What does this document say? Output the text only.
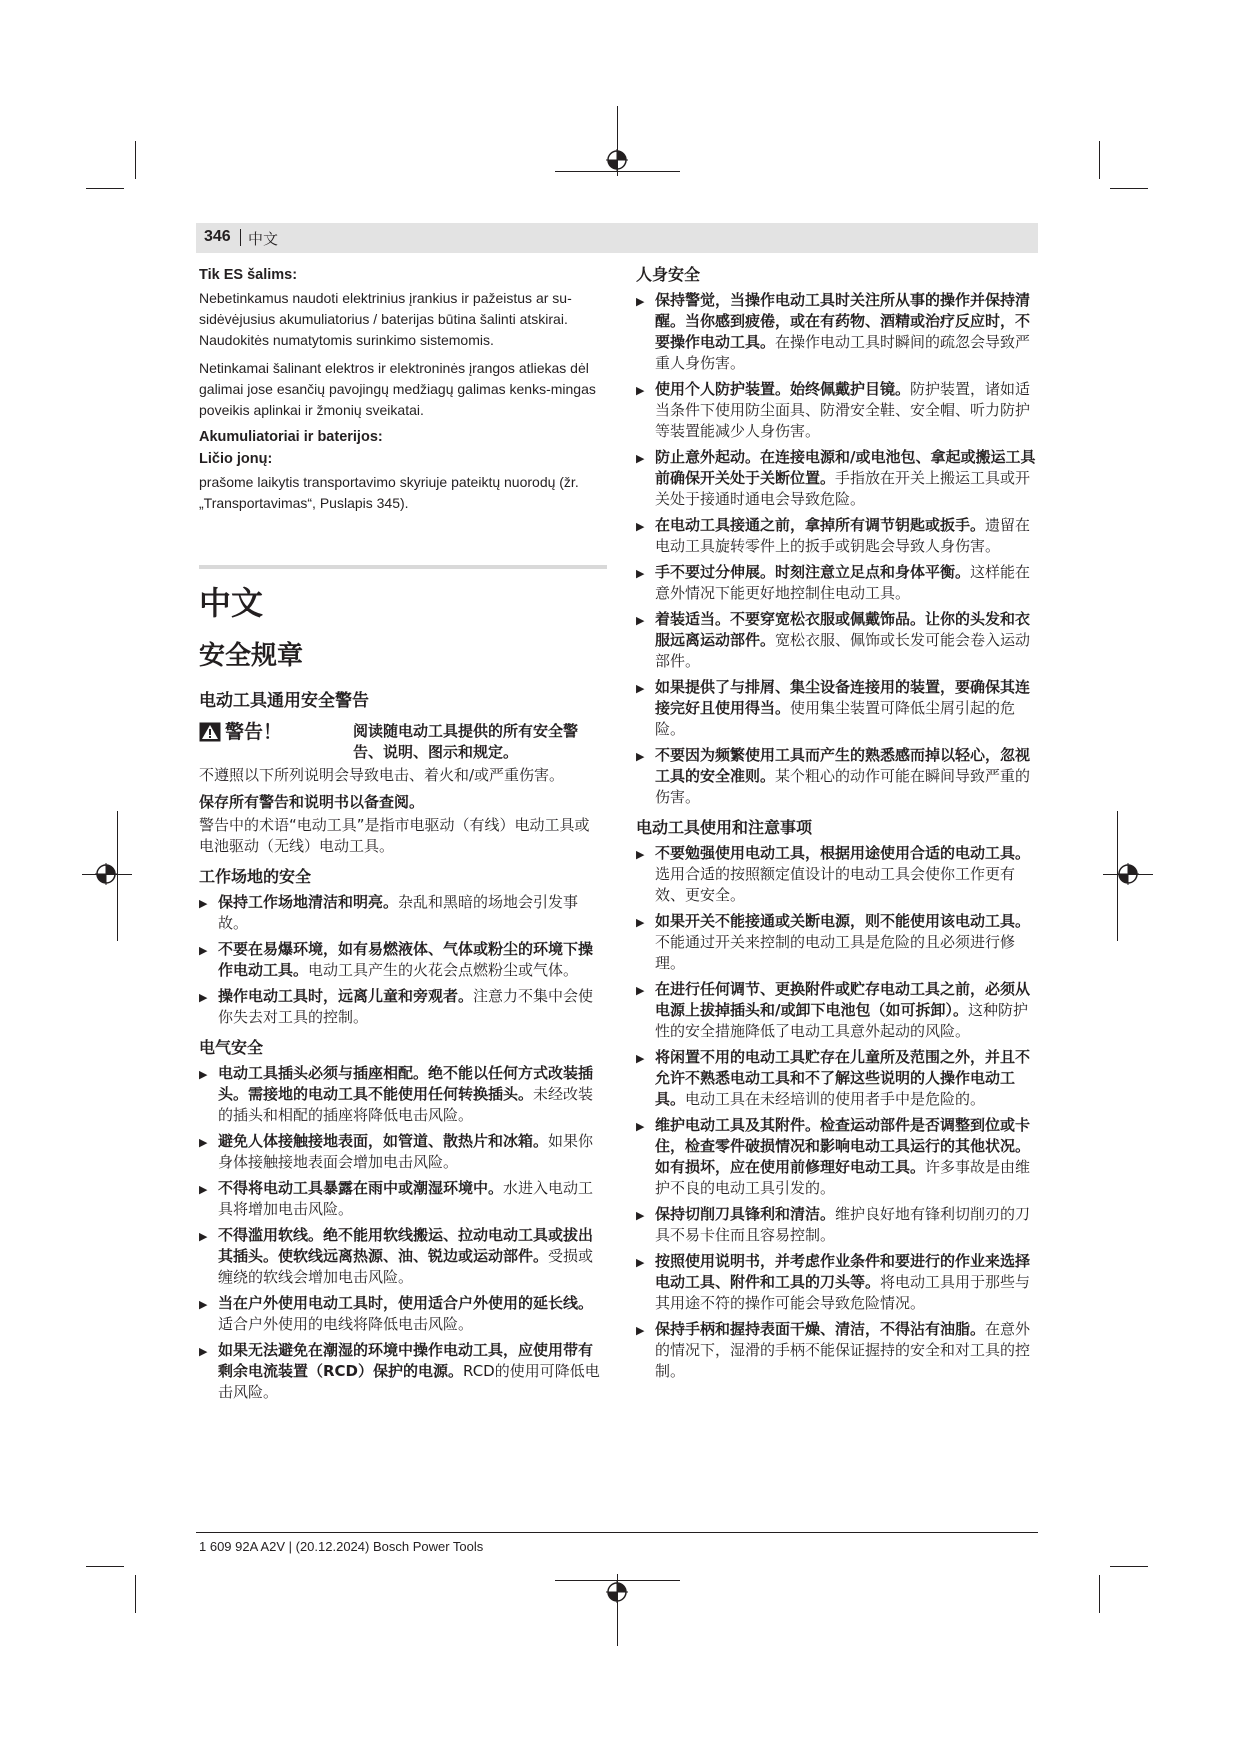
346 中文
Tik ES šalims:

Nebetinkamus naudoti elektrinius įrankius ir pažeistus ar su-sidėvėjusius akumuliatorius / baterijas būtina šalinti atskirai. Naudokitės numatytomis surinkimo sistemomis.

Netinkamai šalinant elektros ir elektroninės įrangos atliekas dėl galimai jose esančių pavojingų medžiagų galimas kenks-mingas poveikis aplinkai ir žmonių sveikatai.

Akumuliatoriai ir baterijos:
Ličio jonų:

prašome laikytis transportavimo skyriuje pateiktų nuorodų (žr. „Transportavimas“, Puslapis 345).

中文
安全规章
电动工具通用安全警告
警告！	阅读随电动工具提供的所有安全警告、说明、图示和规定。

不遵照以下所列说明会导致电击、着火和/或严重伤害。

保存所有警告和说明书以备查阅。

警告中的术语“电动工具”是指市电驱动（有线）电动工具或电池驱动（无线）电动工具。

工作场地的安全
▶ 保持工作场地清洁和明亮。杂乱和黑暗的场地会引发事故。
▶ 不要在易爆环境，如有易燃液体、气体或粉尘的环境下操作电动工具。电动工具产生的火花会点燃粉尘或气体。
▶ 操作电动工具时，远离儿童和旁观者。注意力不集中会使你失去对工具的控制。
电气安全
▶ 电动工具插头必须与插座相配。绝不能以任何方式改装插头。需接地的电动工具不能使用任何转换插头。未经改装的插头和相配的插座将降低电击风险。
▶ 避免人体接触接地表面，如管道、散热片和冰箱。如果你身体接触接地表面会增加电击风险。
▶ 不得将电动工具暴露在雨中或潮湿环境中。水进入电动工具将增加电击风险。
▶ 不得滥用软线。绝不能用软线搬运、拉动电动工具或拔出其插头。使软线远离热源、油、锐边或运动部件。受损或缠绕的软线会增加电击风险。
▶ 当在户外使用电动工具时，使用适合户外使用的延长线。适合户外使用的电线将降低电击风险。
▶ 如果无法避免在潮湿的环境中操作电动工具，应使用带有剩余电流装置（RCD）保护的电源。RCD的使用可降低电击风险。
人身安全
▶ 保持警觉，当操作电动工具时关注所从事的操作并保持清醒。当你感到疲倦，或在有药物、酒精或治疗反应时，不要操作电动工具。在操作电动工具时瞬间的疏忽会导致严重人身伤害。
▶ 使用个人防护装置。始终佩戴护目镜。防护装置，诸如适当条件下使用防尘面具、防滑安全鞋、安全帽、听力防护等装置能减少人身伤害。
▶ 防止意外起动。在连接电源和/或电池包、拿起或搬运工具前确保开关处于关断位置。手指放在开关上搬运工具或开关处于接通时通电会导致危险。
▶ 在电动工具接通之前，拿掉所有调节钥匙或扳手。遗留在电动工具旋转零件上的扳手或钥匙会导致人身伤害。
▶ 手不要过分伸展。时刻注意立足点和身体平衡。这样能在意外情况下能更好地控制住电动工具。
▶ 着装适当。不要穿宽松衣服或佩戴饰品。让你的头发和衣服远离运动部件。宽松衣服、佩饰或长发可能会卷入运动部件。
▶ 如果提供了与排屑、集尘设备连接用的装置，要确保其连接完好且使用得当。使用集尘装置可降低尘屑引起的危险。
▶ 不要因为频繁使用工具而产生的熟悉感而掉以轻心，忽视工具的安全准则。某个粗心的动作可能在瞬间导致严重的伤害。
电动工具使用和注意事项
▶ 不要勉强使用电动工具，根据用途使用合适的电动工具。选用合适的按照额定值设计的电动工具会使你工作更有效、更安全。
▶ 如果开关不能接通或关断电源，则不能使用该电动工具。不能通过开关来控制的电动工具是危险的且必须进行修理。
▶ 在进行任何调节、更换附件或贮存电动工具之前，必须从电源上拔掉插头和/或卸下电池包（如可拆卸）。这种防护性的安全措施降低了电动工具意外起动的风险。
▶ 将闲置不用的电动工具贮存在儿童所及范围之外，并且不允许不熟悉电动工具和不了解这些说明的人操作电动工具。电动工具在未经培训的使用者手中是危险的。
▶ 维护电动工具及其附件。检查运动部件是否调整到位或卡住，检查零件破损情况和影响电动工具运行的其他状况。如有损坏，应在使用前修理好电动工具。许多事故是由维护不良的电动工具引发的。
▶ 保持切削刀具锋利和清洁。维护良好地有锋利切削刃的刀具不易卡住而且容易控制。
▶ 按照使用说明书，并考虑作业条件和要进行的作业来选择电动工具、附件和工具的刀头等。将电动工具用于那些与其用途不符的操作可能会导致危险情况。
▶ 保持手柄和握持表面干燥、清洁，不得沾有油脂。在意外的情况下，湿滑的手柄不能保证握持的安全和对工具的控制。
1 609 92A A2V | (20.12.2024) Bosch Power Tools
